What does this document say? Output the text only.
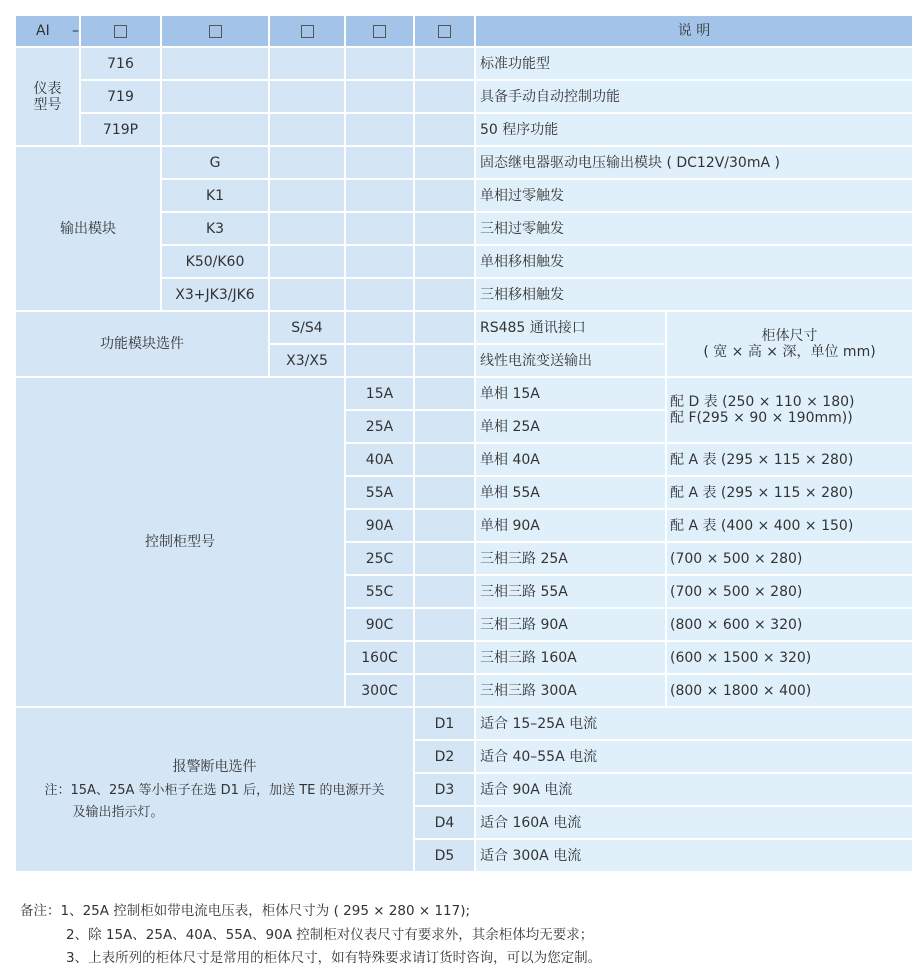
AI –						说 明	
仪表
型号	716					标准功能型	
	719					具备手动自动控制功能	
	719P					50 程序功能	
输出模块		G				固态继电器驱动电压输出模块 ( DC12V/30mA )	
		K1				单相过零触发	
		K3				三相过零触发	
		K50/K60				单相移相触发	
		X3+JK3/JK6				三相移相触发	
功能模块选件			S/S4			RS485 通讯接口	柜体尺寸
( 宽 × 高 × 深，单位 mm)
			X3/X5			线性电流变送输出	
控制柜型号				15A		单相 15A	配 D 表 (250 × 110 × 180)
配 F(295 × 90 × 190mm))
				25A		单相 25A	
				40A		单相 40A	配 A 表 (295 × 115 × 280)
				55A		单相 55A	配 A 表 (295 × 115 × 280)
				90A		单相 90A	配 A 表 (400 × 400 × 150)
				25C		三相三路 25A	(700 × 500 × 280)
				55C		三相三路 55A	(700 × 500 × 280)
				90C		三相三路 90A	(800 × 600 × 320)
				160C		三相三路 160A	(600 × 1500 × 320)
				300C		三相三路 300A	(800 × 1800 × 400)

报警断电选件
注：15A、25A 等小柜子在选 D1 后，加送 TE 的电源开关
及输出指示灯。					D1	适合 15–25A 电流	
					D2	适合 40–55A 电流	
					D3	适合 90A 电流	
					D4	适合 160A 电流	
					D5	适合 300A 电流	
备注：1、25A 控制柜如带电流电压表，柜体尺寸为 ( 295 × 280 × 117);
2、除 15A、25A、40A、55A、90A 控制柜对仪表尺寸有要求外，其余柜体均无要求；
3、上表所列的柜体尺寸是常用的柜体尺寸，如有特殊要求请订货时咨询，可以为您定制。
